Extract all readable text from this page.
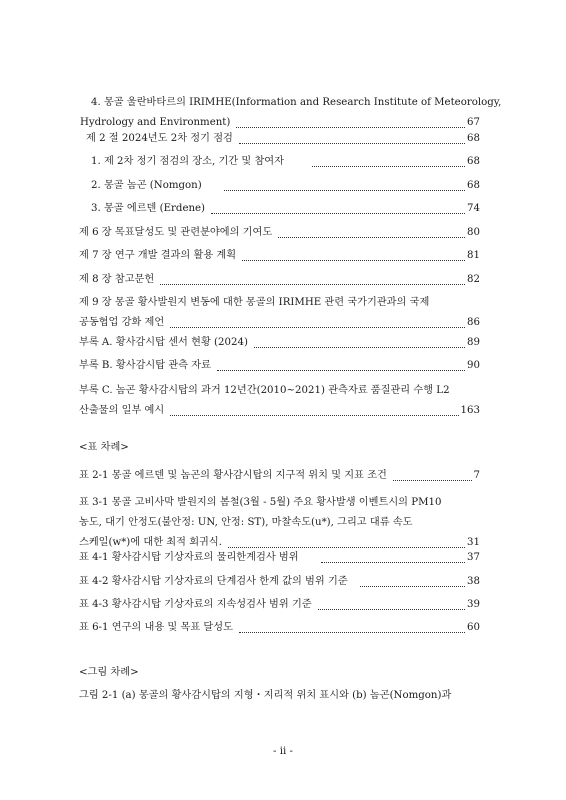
4. 몽골 울란바타르의 IRIMHE(Information and Research Institute of Meteorology,
Hydrology and Environment)	67
제 2 절 2024년도 2차 정기 점검	68
1. 제 2차 정기 점검의 장소, 기간 및 참여자	68
2. 몽골 놈곤 (Nomgon)	68
3. 몽골 에르덴 (Erdene)	74
제 6 장 목표달성도 및 관련분야에의 기여도	80
제 7 장 연구 개발 결과의 활용 계획	81
제 8 장 참고문헌	82
제 9 장 몽골 황사발원지 변동에 대한 몽골의 IRIMHE 관련 국가기관과의 국제
공동협업 강화 제언	86
부록 A. 황사감시탑 센서 현황 (2024)	89
부록 B. 황사감시탑 관측 자료	90
부록 C. 놈곤 황사감시탑의 과거 12년간(2010~2021) 관측자료 품질관리 수행 L2
산출물의 일부 예시	163
<표 차례>
표 2-1 몽골 에르덴 및 놈곤의 황사감시탑의 지구적 위치 및 지표 조건	7
표 3-1 몽골 고비사막 발원지의 봄철(3월 - 5월) 주요 황사발생 이벤트시의 PM10
농도, 대기 안정도(불안정: UN, 안정: ST), 마찰속도(u*), 그리고 대류 속도
스케일(w*)에 대한 최적 회귀식.	31
표 4-1 황사감시탑 기상자료의 물리한계검사 범위	37
표 4-2 황사감시탑 기상자료의 단계검사 한계 값의 범위 기준	38
표 4-3 황사감시탑 기상자료의 지속성검사 범위 기준	39
표 6-1 연구의 내용 및 목표 달성도	60
<그림 차례>
그림 2-1 (a) 몽골의 황사감시탑의 지형・지리적 위치 표시와 (b) 놈곤(Nomgon)과
- ii -
